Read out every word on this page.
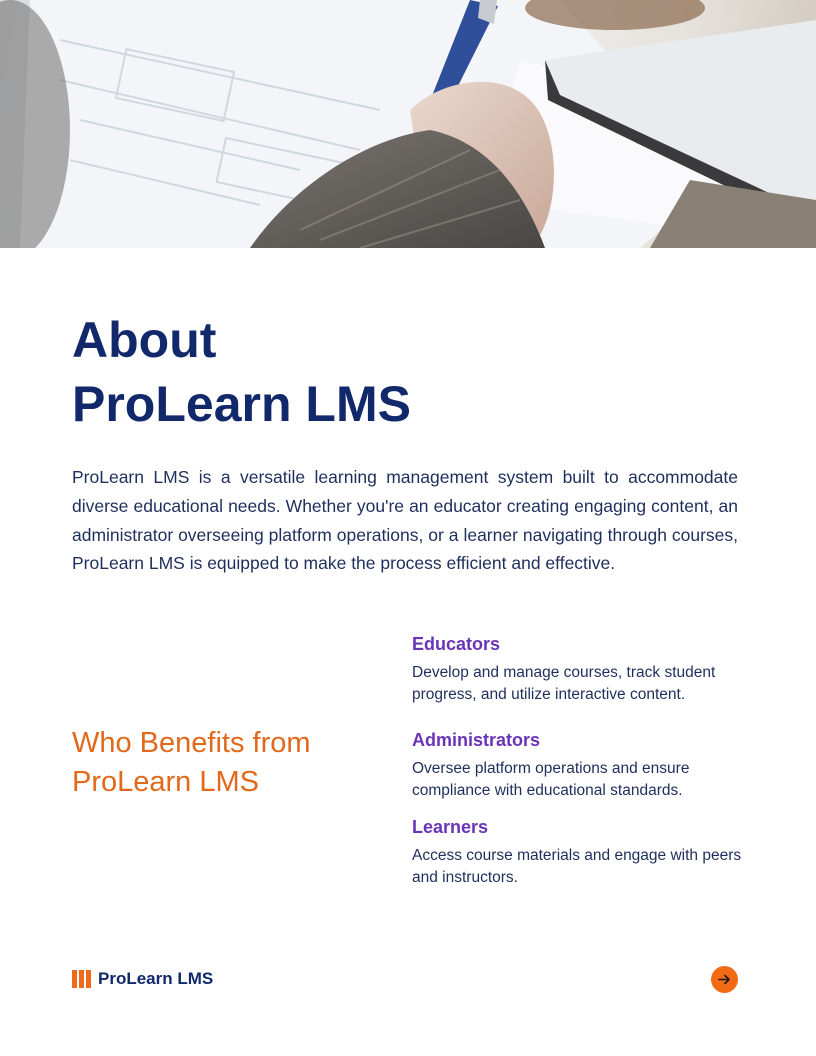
About
ProLearn LMS

ProLearn LMS is a versatile learning management system built to accommodate diverse educational needs. Whether you're an educator creating engaging content, an administrator overseeing platform operations, or a learner navigating through courses, ProLearn LMS is equipped to make the process efficient and effective.

Who Benefits from
ProLearn LMS
Educators

Develop and manage courses, track student progress, and utilize interactive content.

Administrators

Oversee platform operations and ensure compliance with educational standards.

Learners

Access course materials and engage with peers and instructors.

ProLearn LMS
